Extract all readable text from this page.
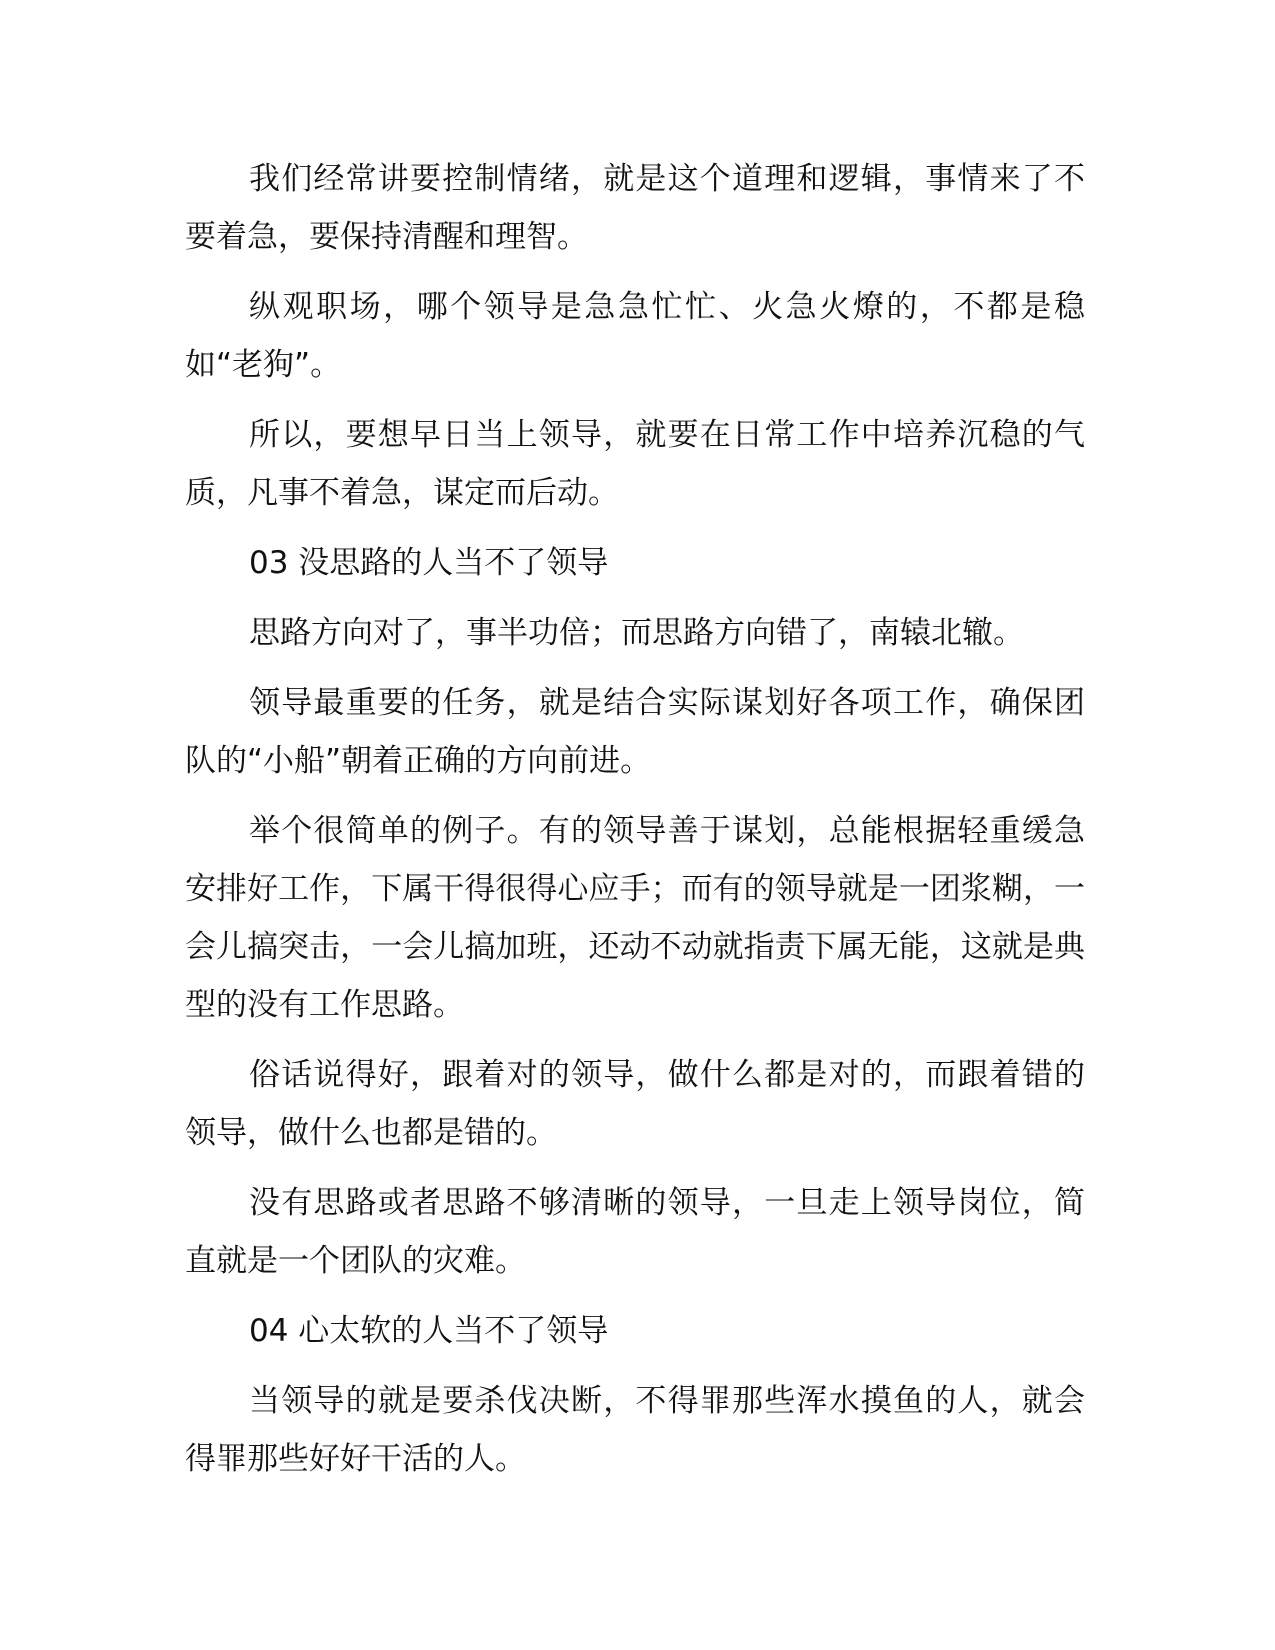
我们经常讲要控制情绪，就是这个道理和逻辑，事情来了不要着急，要保持清醒和理智。

纵观职场，哪个领导是急急忙忙、火急火燎的，不都是稳如“老狗”。

所以，要想早日当上领导，就要在日常工作中培养沉稳的气质，凡事不着急，谋定而后动。

03 没思路的人当不了领导

思路方向对了，事半功倍；而思路方向错了，南辕北辙。

领导最重要的任务，就是结合实际谋划好各项工作，确保团队的“小船”朝着正确的方向前进。

举个很简单的例子。有的领导善于谋划，总能根据轻重缓急安排好工作，下属干得很得心应手；而有的领导就是一团浆糊，一会儿搞突击，一会儿搞加班，还动不动就指责下属无能，这就是典型的没有工作思路。

俗话说得好，跟着对的领导，做什么都是对的，而跟着错的领导，做什么也都是错的。

没有思路或者思路不够清晰的领导，一旦走上领导岗位，简直就是一个团队的灾难。

04 心太软的人当不了领导

当领导的就是要杀伐决断，不得罪那些浑水摸鱼的人，就会得罪那些好好干活的人。
